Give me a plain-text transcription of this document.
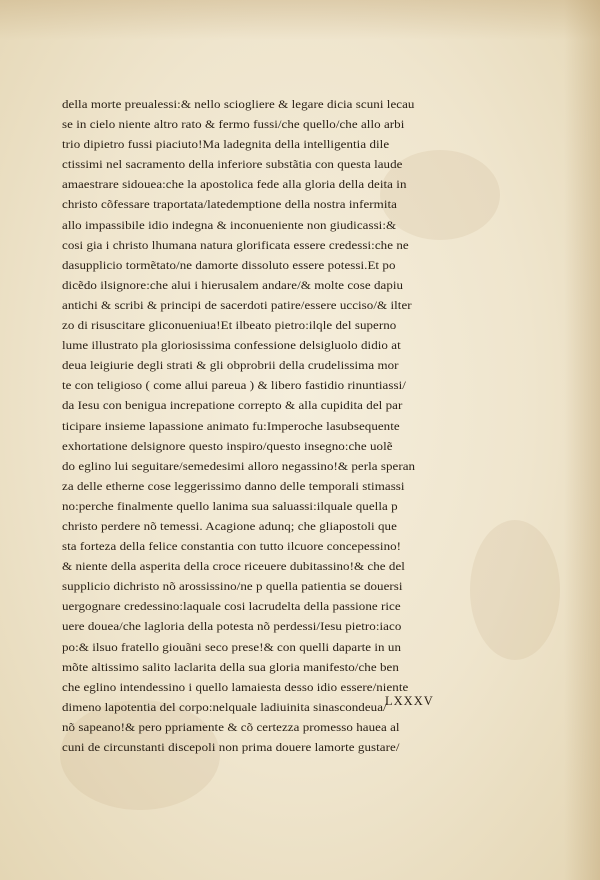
della morte preualessi:& nello sciogliere & legare dicia scuni lecau
se in cielo niente altro rato & fermo fussi/che quello/che allo arbi
trio dipietro fussi piaciuto!Ma ladegnita della intelligentia dile
ctissimi nel sacramento della inferiore substãtia con questa laude
amaestrare sidouea:che la apostolica fede alla gloria della deita in
christo cõfessare traportata/latedemptione della nostra infermita
allo impassibile idio indegna & inconueniente non giudicassi:&
cosi gia i christo lhumana natura glorificata essere credessi:che ne
dasupplicio tormẽtato/ne damorte dissoluto essere potessi.Et po
dicẽdo ilsignore:che alui i hierusalem andare/& molte cose dapiu
antichi & scribi & principi de sacerdoti patire/essere ucciso/& ilter
zo di risuscitare gliconueniua!Et ilbeato pietro:ilqle del superno
lume illustrato pla gloriosissima confessione delsigluolo didio at
deua leigiurie degli strati & gli obprobrii della crudelissima mor
te con teligioso ( come allui pareua ) & libero fastidio rinuntiassi/
da Iesu con benigua increpatione correpto & alla cupidita del par
ticipare insieme lapassione animato fu:Imperoche lasubsequente
exhortatione delsignore questo inspiro/questo insegno:che uolẽ
do eglino lui seguitare/semedesimi alloro negassino!& perla speran
za delle etherne cose leggerissimo danno delle temporali stimassi
no:perche finalmente quello lanima sua saluassi:ilquale quella p
christo perdere nõ temessi. Acagione adunq; che gliapostoli que
sta forteza della felice constantia con tutto ilcuore concepessino!
& niente della asperita della croce riceuere dubitassino!& che del
supplicio dichristo nõ arossissino/ne p quella patientia se douersi
uergognare credessino:laquale cosi lacrudelta della passione rice
uere douea/che lagloria della potesta nõ perdessi/Iesu pietro:iaco
po:& ilsuo fratello giouãni seco prese!& con quelli daparte in un
mõte altissimo salito laclarita della sua gloria manifesto/che ben
che eglino intendessino i quello lamaiesta desso idio essere/niente
dimeno lapotentia del corpo:nelquale ladiuinita sinascondeua/
nõ sapeano!& pero ppriamente & cõ certezza promesso hauea al
cuni de circunstanti discepoli non prima douere lamorte gustare/
LXXXV
